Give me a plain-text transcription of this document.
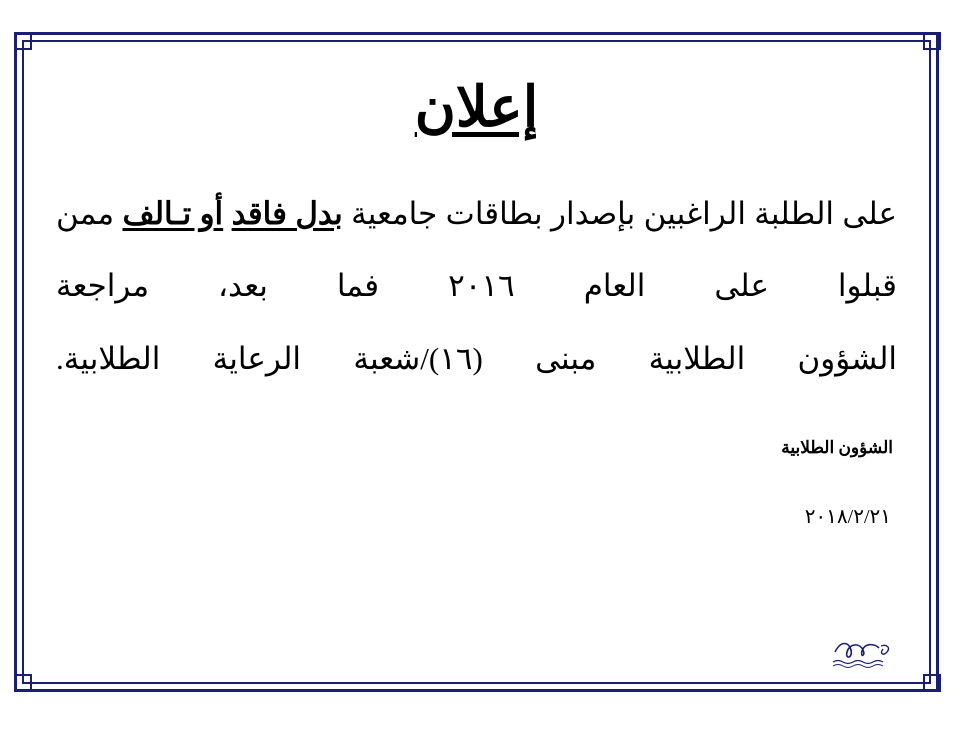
إعلان
على الطلبة الراغبين بإصدار بطاقات جامعية بدل فاقد أو تـالف ممن قبلوا على العام ٢٠١٦ فما بعد، مراجعة
الشؤون الطلابية مبنى (١٦)/شعبة الرعاية الطلابية.
الشؤون الطلابية
٢٠١٨/٢/٢١
